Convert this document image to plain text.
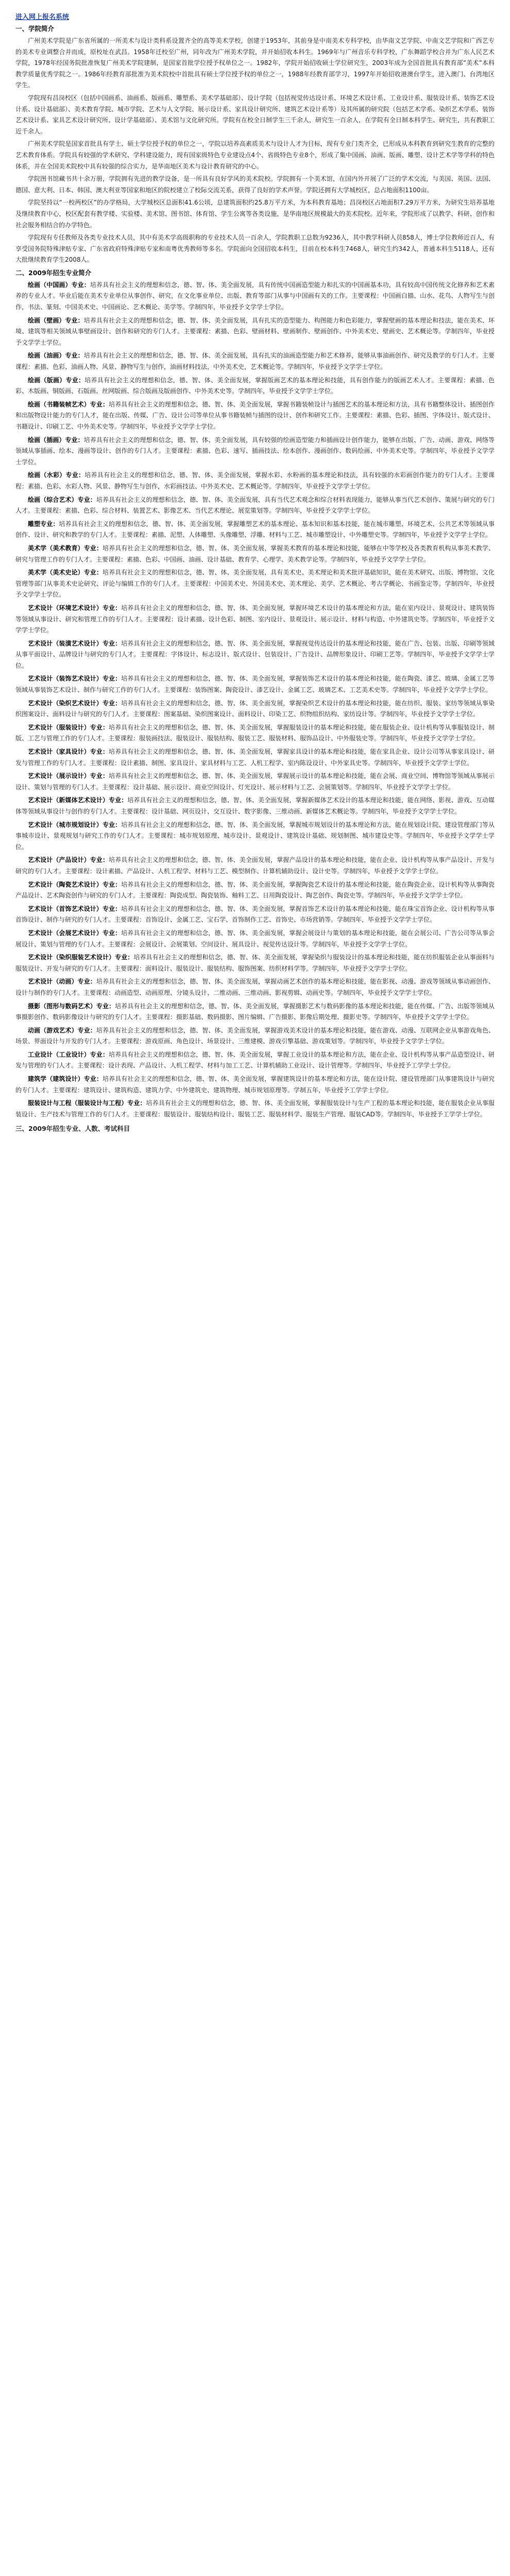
进入网上报名系统
一、学院简介

广州美术学院是广东省所属的一所美术与设计类科系设置齐全的高等美术学校，创建于1953年，其前身是中南美术专科学校，由华南文艺学院、中南文艺学院和广西艺专的美术专业调整合并而成，原校址在武昌。1958年迁校至广州，同年改为广州美术学院，并开始招收本科生。1969年与广州音乐专科学校，广东舞蹈学校合并为广东人民艺术学院，1978年经国务院批准恢复广州美术学院建制，是国家首批学位授予权单位之一。1982年，学院开始招收硕士学位研究生，2003年成为全国首批具有教育部“美术”本科教学质量优秀学院之一。1986年经教育部批准为美术院校中首批具有硕士学位授予权的单位之一，1988年经教育部学习，1997年开始招收港澳台学生，进入澳门、台湾地区学生。

学院现有昌岗校区（包括中国画系、油画系、版画系、雕塑系、美术学基础部）、设计学院（包括视觉传达设计系、环境艺术设计系、工业设计系、服装设计系、装饰艺术设计系、设计基础部）、美术教育学院、城市学院、艺术与人文学院、展示设计系、家具设计研究所、建筑艺术设计系等）及其所属的研究院（包括艺术学系、染织艺术学系、装饰艺术设计系、家具艺术设计研究所、设计学基础部）、美术馆与文化研究所。学院有在校全日制学生三千余人，研究生一百余人，在学院有全日制本科学生、研究生，共有教职工近千余人。

广州美术学院是国家首批具有学士、硕士学位授予权的单位之一，学院以培养高素质美术与设计人才为目标，现有专业门类齐全，已形成从本科教育到研究生教育的完整的艺术教育体系。学院具有较强的学术研究、学科建设能力，现有国家级特色专业建设点4个、省级特色专业8个，形成了集中国画、油画、版画、雕塑、设计艺术学等学科的特色体系，并在全国美术院校中具有较强的综合实力，是华南地区美术与设计教育研究的中心。

学院图书馆藏书共十余万册，学院拥有先进的教学设备，是一所具有良好学风的美术院校。学院拥有一个美术馆，在国内外开展了广泛的学术交流，与美国、英国、法国、德国、意大利、日本、韩国、澳大利亚等国家和地区的院校建立了校际交流关系，获得了良好的学术声誉。学院还拥有大学城校区，总占地面积1100亩。

学院坚持以“一校两校区”的办学格局，大学城校区总面积41.6公顷，总建筑面积约25.8万平方米，为本科教育基地；昌岗校区占地面积7.29万平方米，为研究生培养基地及继续教育中心，校区配套有教学楼、实验楼、美术馆、图书馆、体育馆、学生公寓等各类设施，是华南地区规模最大的美术院校。近年来，学院形成了以教学、科研、创作和社会服务相结合的办学特色。

学院现有专任教师及各类专业技术人员，其中有美术学高级职称的专业技术人员一百余人，学院教职工总数为9236人，其中教学科研人员858人，博士学位教师近百人，有享受国务院特殊津贴专家、广东省政府特殊津贴专家和南粤优秀教师等多名。学院面向全国招收本科生，目前在校本科生7468人，研究生约342人，普通本科生5118人，还有大批继续教育学生2008人。

二、2009年招生专业简介

绘画（中国画）专业：培养具有社会主义的理想和信念，德、智、体、美全面发展，具有传统中国画造型能力和扎实的中国画基本功，具有较高中国传统文化修养和艺术素养的专业人才。毕业后能在美术专业单位从事创作、研究，在文化事业单位、出版、教育等部门从事与中国画有关的工作。主要课程：中国画白描、山水、花鸟、人物写生与创作，书法、篆刻、中国美术史、中国画论、艺术概论、美学等。学制四年，毕业授予文学学士学位。

绘画（壁画）专业：培养具有社会主义的理想和信念，德、智、体、美全面发展，具有扎实的造型能力、构图能力和色彩能力，掌握壁画的基本理论和技法，能在美术、环境、建筑等相关领域从事壁画设计、创作和研究的专门人才。主要课程：素描、色彩、壁画材料、壁画制作、壁画创作、中外美术史、壁画史、艺术概论等。学制四年，毕业授予文学学士学位。

绘画（油画）专业：培养具有社会主义的理想和信念，德、智、体、美全面发展，具有扎实的油画造型能力和艺术修养，能够从事油画创作、研究及教学的专门人才。主要课程：素描、色彩、油画人物、风景、静物写生与创作，油画材料技法，中外美术史，艺术概论等。学制四年，毕业授予文学学士学位。

绘画（版画）专业：培养具有社会主义的理想和信念，德、智、体、美全面发展，掌握版画艺术的基本理论和技能，具有创作能力的版画艺术人才。主要课程：素描、色彩、木版画、铜版画、石版画、丝网版画、综合版画及版画创作、中外美术史等。学制四年，毕业授予文学学士学位。

绘画（书籍装帧艺术）专业：培养具有社会主义的理想和信念，德、智、体、美全面发展，掌握书籍装帧设计与插图艺术的基本理论和方法，具有书籍整体设计、插图创作和出版物设计能力的专门人才，能在出版、传媒、广告、设计公司等单位从事书籍装帧与插图的设计、创作和研究工作。主要课程：素描、色彩、插图、字体设计、版式设计、书籍设计、印刷工艺、中外美术史等。学制四年，毕业授予文学学士学位。

绘画（插画）专业：培养具有社会主义的理想和信念，德、智、体、美全面发展，具有较强的绘画造型能力和插画设计创作能力，能够在出版、广告、动画、游戏、网络等领域从事插画、绘本、漫画等设计、创作的专门人才。主要课程：素描、色彩、速写、插画技法、绘本创作、漫画创作、数码绘画、中外美术史等。学制四年，毕业授予文学学士学位。

绘画（水彩）专业：培养具有社会主义的理想和信念，德、智、体、美全面发展，掌握水彩、水粉画的基本理论和技法，具有较强的水彩画创作能力的专门人才。主要课程：素描、色彩、水彩人物、风景、静物写生与创作，水彩画技法、中外美术史、艺术概论等。学制四年，毕业授予文学学士学位。

绘画（综合艺术）专业：培养具有社会主义的理想和信念，德、智、体、美全面发展，具有当代艺术观念和综合材料表现能力，能够从事当代艺术创作、策展与研究的专门人才。主要课程：素描、色彩、综合材料、装置艺术、影像艺术、当代艺术理论、展览策划等。学制四年，毕业授予文学学士学位。

雕塑专业：培养具有社会主义的理想和信念，德、智、体、美全面发展，掌握雕塑艺术的基本理论、基本知识和基本技能，能在城市雕塑、环境艺术、公共艺术等领域从事创作、设计、研究和教学的专门人才。主要课程：素描、泥塑、人体雕塑、头像雕塑、浮雕、材料与工艺、城市雕塑设计、中外雕塑史等。学制四年，毕业授予文学学士学位。

美术学（美术教育）专业：培养具有社会主义的理想和信念，德、智、体、美全面发展，掌握美术教育的基本理论和技能，能够在中等学校及各类教育机构从事美术教学、研究与管理工作的专门人才。主要课程：素描、色彩、中国画、油画、设计基础、教育学、心理学、美术教学论等。学制四年，毕业授予文学学士学位。

美术学（美术史论）专业：培养具有社会主义的理想和信念，德、智、体、美全面发展，具有美术史、美术理论和美术批评基础知识，能在美术研究、出版、博物馆、文化管理等部门从事美术史论研究、评论与编辑工作的专门人才。主要课程：中国美术史、外国美术史、美术理论、美学、艺术概论、考古学概论、书画鉴定等。学制四年，毕业授予文学学士学位。

艺术设计（环境艺术设计）专业：培养具有社会主义的理想和信念，德、智、体、美全面发展，掌握环境艺术设计的基本理论和方法，能在室内设计、景观设计、建筑装饰等领域从事设计、研究和管理工作的专门人才。主要课程：设计素描、设计色彩、制图、室内设计、景观设计、展示设计、材料与构造、中外建筑史等。学制四年，毕业授予文学学士学位。

艺术设计（装潢艺术设计）专业：培养具有社会主义的理想和信念，德、智、体、美全面发展，掌握视觉传达设计的基本理论和技能，能在广告、包装、出版、印刷等领域从事平面设计、品牌设计与研究的专门人才。主要课程：字体设计、标志设计、版式设计、包装设计、广告设计、品牌形象设计、印刷工艺等。学制四年，毕业授予文学学士学位。

艺术设计（装饰艺术设计）专业：培养具有社会主义的理想和信念，德、智、体、美全面发展，掌握装饰艺术设计的基本理论和技能，能在陶瓷、漆艺、玻璃、金属工艺等领域从事装饰艺术设计、制作与研究工作的专门人才。主要课程：装饰图案、陶瓷设计、漆艺设计、金属工艺、玻璃艺术、工艺美术史等。学制四年，毕业授予文学学士学位。

艺术设计（染织艺术设计）专业：培养具有社会主义的理想和信念，德、智、体、美全面发展，掌握染织艺术设计的基本理论和技能，能在纺织、服装、家纺等领域从事染织图案设计、面料设计与研究的专门人才。主要课程：图案基础、染织图案设计、面料设计、印染工艺、织物组织结构、家纺设计等。学制四年，毕业授予文学学士学位。

艺术设计（服装设计）专业：培养具有社会主义的理想和信念，德、智、体、美全面发展，掌握服装设计的基本理论和技能，能在服装企业、设计机构等从事服装设计、制版、工艺与管理工作的专门人才。主要课程：服装画技法、服装设计、服装结构、服装工艺、服装材料、服饰品设计、中外服装史等。学制四年，毕业授予文学学士学位。

艺术设计（家具设计）专业：培养具有社会主义的理想和信念，德、智、体、美全面发展，掌握家具设计的基本理论和技能，能在家具企业、设计公司等从事家具设计、研发与管理工作的专门人才。主要课程：设计素描、制图、家具设计、家具材料与工艺、人机工程学、室内陈设设计、中外家具史等。学制四年，毕业授予文学学士学位。

艺术设计（展示设计）专业：培养具有社会主义的理想和信念，德、智、体、美全面发展，掌握展示设计的基本理论和技能，能在会展、商业空间、博物馆等领域从事展示设计、策划与管理的专门人才。主要课程：设计基础、展示设计、商业空间设计、灯光设计、展示材料与工艺、会展策划等。学制四年，毕业授予文学学士学位。

艺术设计（新媒体艺术设计）专业：培养具有社会主义的理想和信念，德、智、体、美全面发展，掌握新媒体艺术设计的基本理论和技能，能在网络、影视、游戏、互动媒体等领域从事设计与创作的专门人才。主要课程：设计基础、网页设计、交互设计、数字影像、三维动画、新媒体艺术概论等。学制四年，毕业授予文学学士学位。

艺术设计（城市规划设计）专业：培养具有社会主义的理想和信念，德、智、体、美全面发展，掌握城市规划设计的基本理论和方法，能在规划设计院、建设管理部门等从事城市设计、景观规划与研究工作的专门人才。主要课程：城市规划原理、城市设计、景观设计、建筑设计基础、规划制图、城市建设史等。学制四年，毕业授予文学学士学位。

艺术设计（产品设计）专业：培养具有社会主义的理想和信念，德、智、体、美全面发展，掌握产品设计的基本理论和技能，能在企业、设计机构等从事产品设计、开发与研究的专门人才。主要课程：设计素描、产品设计、人机工程学、材料与工艺、模型制作、计算机辅助设计、设计史等。学制四年，毕业授予文学学士学位。

艺术设计（陶瓷艺术设计）专业：培养具有社会主义的理想和信念，德、智、体、美全面发展，掌握陶瓷艺术设计的基本理论和技能，能在陶瓷企业、设计机构等从事陶瓷产品设计、艺术陶瓷创作与研究的专门人才。主要课程：陶瓷成型、陶瓷装饰、釉料工艺、日用陶瓷设计、陶艺创作、陶瓷史等。学制四年，毕业授予文学学士学位。

艺术设计（首饰艺术设计）专业：培养具有社会主义的理想和信念，德、智、体、美全面发展，掌握首饰艺术设计的基本理论和技能，能在珠宝首饰企业、设计机构等从事首饰设计、制作与研究的专门人才。主要课程：首饰设计、金属工艺、宝石学、首饰制作工艺、首饰史、市场营销等。学制四年，毕业授予文学学士学位。

艺术设计（会展艺术设计）专业：培养具有社会主义的理想和信念，德、智、体、美全面发展，掌握会展设计与策划的基本理论和技能，能在会展公司、广告公司等从事会展设计、策划与管理的专门人才。主要课程：会展设计、会展策划、空间设计、展具设计、视觉传达设计等。学制四年，毕业授予文学学士学位。

艺术设计（染织服装艺术设计）专业：培养具有社会主义的理想和信念，德、智、体、美全面发展，掌握染织与服装设计的基本理论和技能，能在纺织服装企业从事面料与服装设计、开发与研究的专门人才。主要课程：面料设计、服装设计、服装结构、服饰图案、纺织材料学等。学制四年，毕业授予文学学士学位。

艺术设计（动画）专业：培养具有社会主义的理想和信念，德、智、体、美全面发展，掌握动画艺术创作的基本理论和技能，能在影视、动漫、游戏等领域从事动画创作、设计与制作的专门人才。主要课程：动画造型、动画原理、分镜头设计、二维动画、三维动画、影视剪辑、动画史等。学制四年，毕业授予文学学士学位。

摄影（图形与数码艺术）专业：培养具有社会主义的理想和信念，德、智、体、美全面发展，掌握摄影艺术与数码影像的基本理论和技能，能在传媒、广告、出版等领域从事摄影创作、数码影像设计与研究的专门人才。主要课程：摄影基础、数码摄影、图片编辑、广告摄影、影像后期处理、摄影史等。学制四年，毕业授予文学学士学位。

动画（游戏艺术）专业：培养具有社会主义的理想和信念，德、智、体、美全面发展，掌握游戏美术设计的基本理论和技能，能在游戏、动漫、互联网企业从事游戏角色、场景、界面设计与开发的专门人才。主要课程：游戏原画、角色设计、场景设计、三维建模、游戏引擎基础、游戏策划等。学制四年，毕业授予文学学士学位。

工业设计（工业设计）专业：培养具有社会主义的理想和信念，德、智、体、美全面发展，掌握工业设计的基本理论和方法，能在企业、设计机构等从事产品造型设计、研发与管理的专门人才。主要课程：设计表现、产品设计、人机工程学、材料与加工工艺、计算机辅助工业设计、设计管理等。学制四年，毕业授予工学学士学位。

建筑学（建筑设计）专业：培养具有社会主义的理想和信念，德、智、体、美全面发展，掌握建筑设计的基本理论和方法，能在设计院、建设管理部门从事建筑设计与研究的专门人才。主要课程：建筑设计、建筑构造、建筑力学、中外建筑史、建筑物理、城市规划原理等。学制五年，毕业授予工学学士学位。

服装设计与工程（服装设计与工程）专业：培养具有社会主义的理想和信念，德、智、体、美全面发展，掌握服装设计与生产工程的基本理论和技能，能在服装企业从事服装设计、生产技术与管理工作的专门人才。主要课程：服装设计、服装结构设计、服装工艺、服装材料学、服装生产管理、服装CAD等。学制四年，毕业授予工学学士学位。

三、2009年招生专业、人数、考试科目
